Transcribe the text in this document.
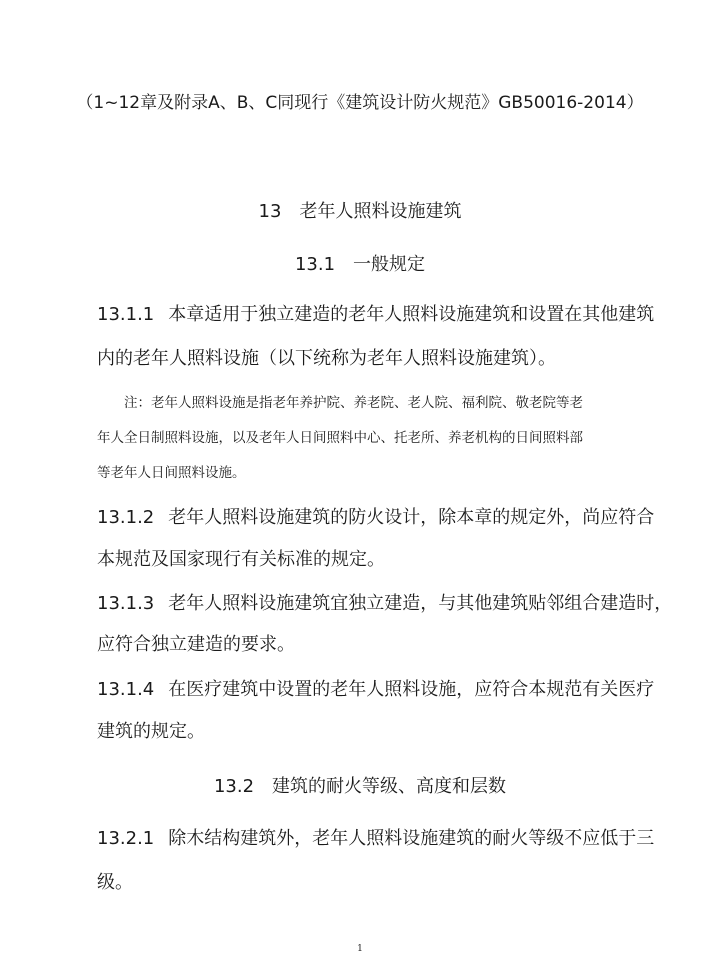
（1~12章及附录A、B、C同现行《建筑设计防火规范》GB50016-2014）
13 老年人照料设施建筑
13.1 一般规定
13.1.1 本章适用于独立建造的老年人照料设施建筑和设置在其他建筑
内的老年人照料设施（以下统称为老年人照料设施建筑）。
注：老年人照料设施是指老年养护院、养老院、老人院、福利院、敬老院等老
年人全日制照料设施，以及老年人日间照料中心、托老所、养老机构的日间照料部
等老年人日间照料设施。
13.1.2 老年人照料设施建筑的防火设计，除本章的规定外，尚应符合
本规范及国家现行有关标准的规定。
13.1.3 老年人照料设施建筑宜独立建造，与其他建筑贴邻组合建造时，
应符合独立建造的要求。
13.1.4 在医疗建筑中设置的老年人照料设施，应符合本规范有关医疗
建筑的规定。
13.2 建筑的耐火等级、高度和层数
13.2.1 除木结构建筑外，老年人照料设施建筑的耐火等级不应低于三
级。
1
